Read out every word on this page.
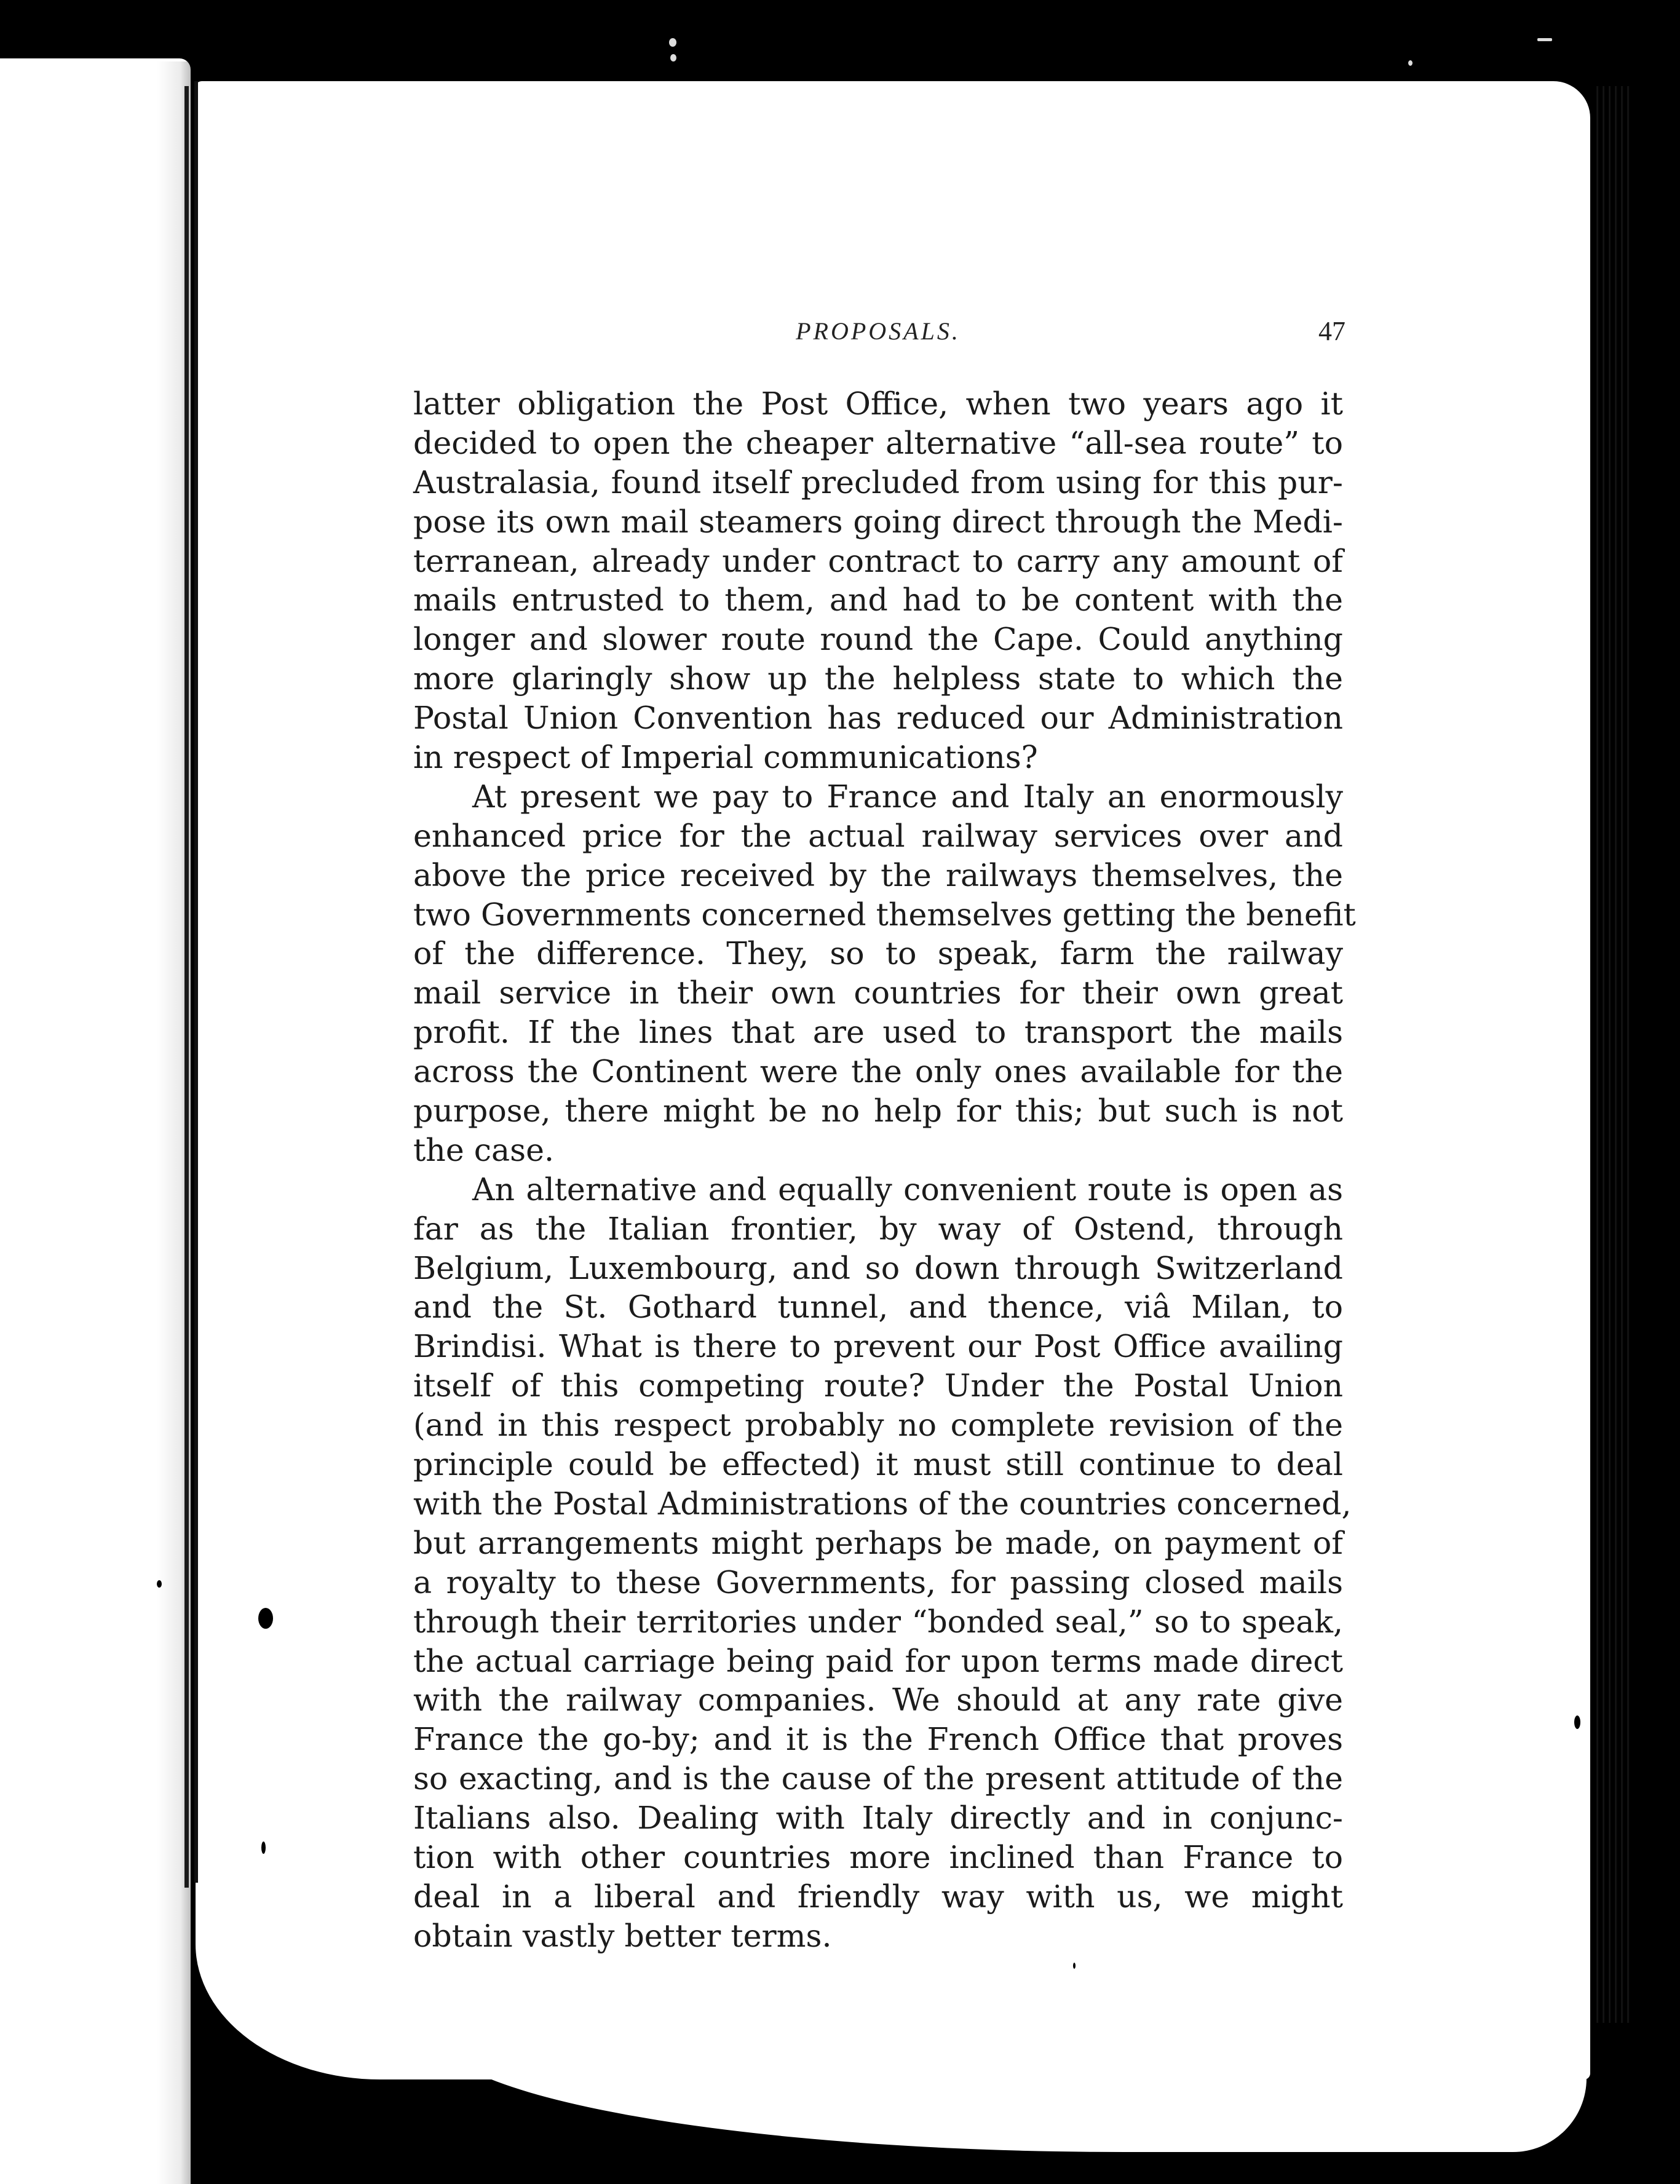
PROPOSALS.	47
latter obligation the Post Office, when two years ago it
decided to open the cheaper alternative “all-sea route” to
Australasia, found itself precluded from using for this pur-
pose its own mail steamers going direct through the Medi-
terranean, already under contract to carry any amount of
mails entrusted to them, and had to be content with the
longer and slower route round the Cape. Could anything
more glaringly show up the helpless state to which the
Postal Union Convention has reduced our Administration
in respect of Imperial communications?
At present we pay to France and Italy an enormously
enhanced price for the actual railway services over and
above the price received by the railways themselves, the
two Governments concerned themselves getting the benefit
of the difference. They, so to speak, farm the railway
mail service in their own countries for their own great
profit. If the lines that are used to transport the mails
across the Continent were the only ones available for the
purpose, there might be no help for this; but such is not
the case.
An alternative and equally convenient route is open as
far as the Italian frontier, by way of Ostend, through
Belgium, Luxembourg, and so down through Switzerland
and the St. Gothard tunnel, and thence, viâ Milan, to
Brindisi. What is there to prevent our Post Office availing
itself of this competing route? Under the Postal Union
(and in this respect probably no complete revision of the
principle could be effected) it must still continue to deal
with the Postal Administrations of the countries concerned,
but arrangements might perhaps be made, on payment of
a royalty to these Governments, for passing closed mails
through their territories under “bonded seal,” so to speak,
the actual carriage being paid for upon terms made direct
with the railway companies. We should at any rate give
France the go-by; and it is the French Office that proves
so exacting, and is the cause of the present attitude of the
Italians also. Dealing with Italy directly and in conjunc-
tion with other countries more inclined than France to
deal in a liberal and friendly way with us, we might
obtain vastly better terms.
